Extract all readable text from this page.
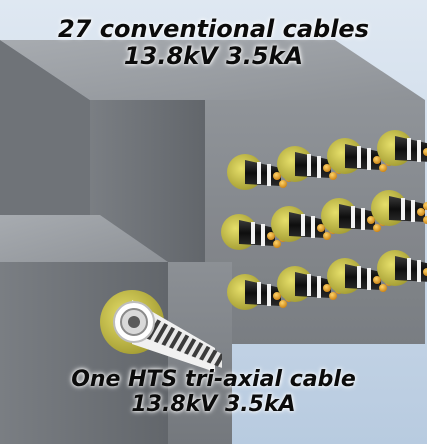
27 conventional cables
13.8kV 3.5kA
One HTS tri-axial cable
13.8kV 3.5kA
